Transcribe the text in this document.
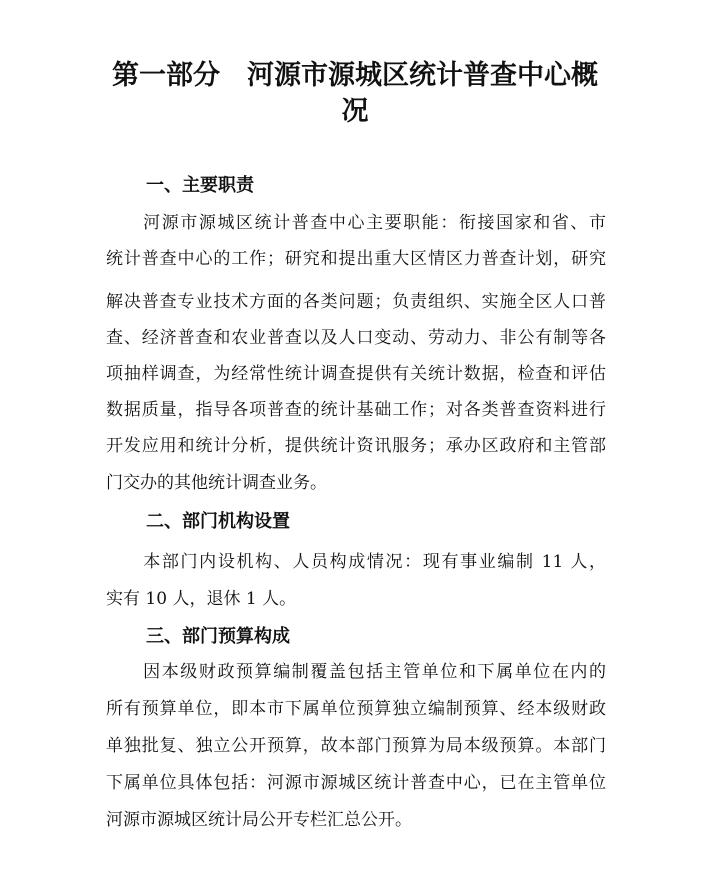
第一部分　河源市源城区统计普查中心概
况
一、主要职责
　　河源市源城区统计普查中心主要职能：衔接国家和省、市
统计普查中心的工作；研究和提出重大区情区力普查计划，研究
解决普查专业技术方面的各类问题；负责组织、实施全区人口普
查、经济普查和农业普查以及人口变动、劳动力、非公有制等各
项抽样调查，为经常性统计调查提供有关统计数据，检查和评估
数据质量，指导各项普查的统计基础工作；对各类普查资料进行
开发应用和统计分析，提供统计资讯服务；承办区政府和主管部
门交办的其他统计调查业务。
二、部门机构设置
　　本部门内设机构、人员构成情况：现有事业编制 11 人，
实有 10 人，退休 1 人。
三、部门预算构成
　　因本级财政预算编制覆盖包括主管单位和下属单位在内的
所有预算单位，即本市下属单位预算独立编制预算、经本级财政
单独批复、独立公开预算，故本部门预算为局本级预算。本部门
下属单位具体包括：河源市源城区统计普查中心，已在主管单位
河源市源城区统计局公开专栏汇总公开。
